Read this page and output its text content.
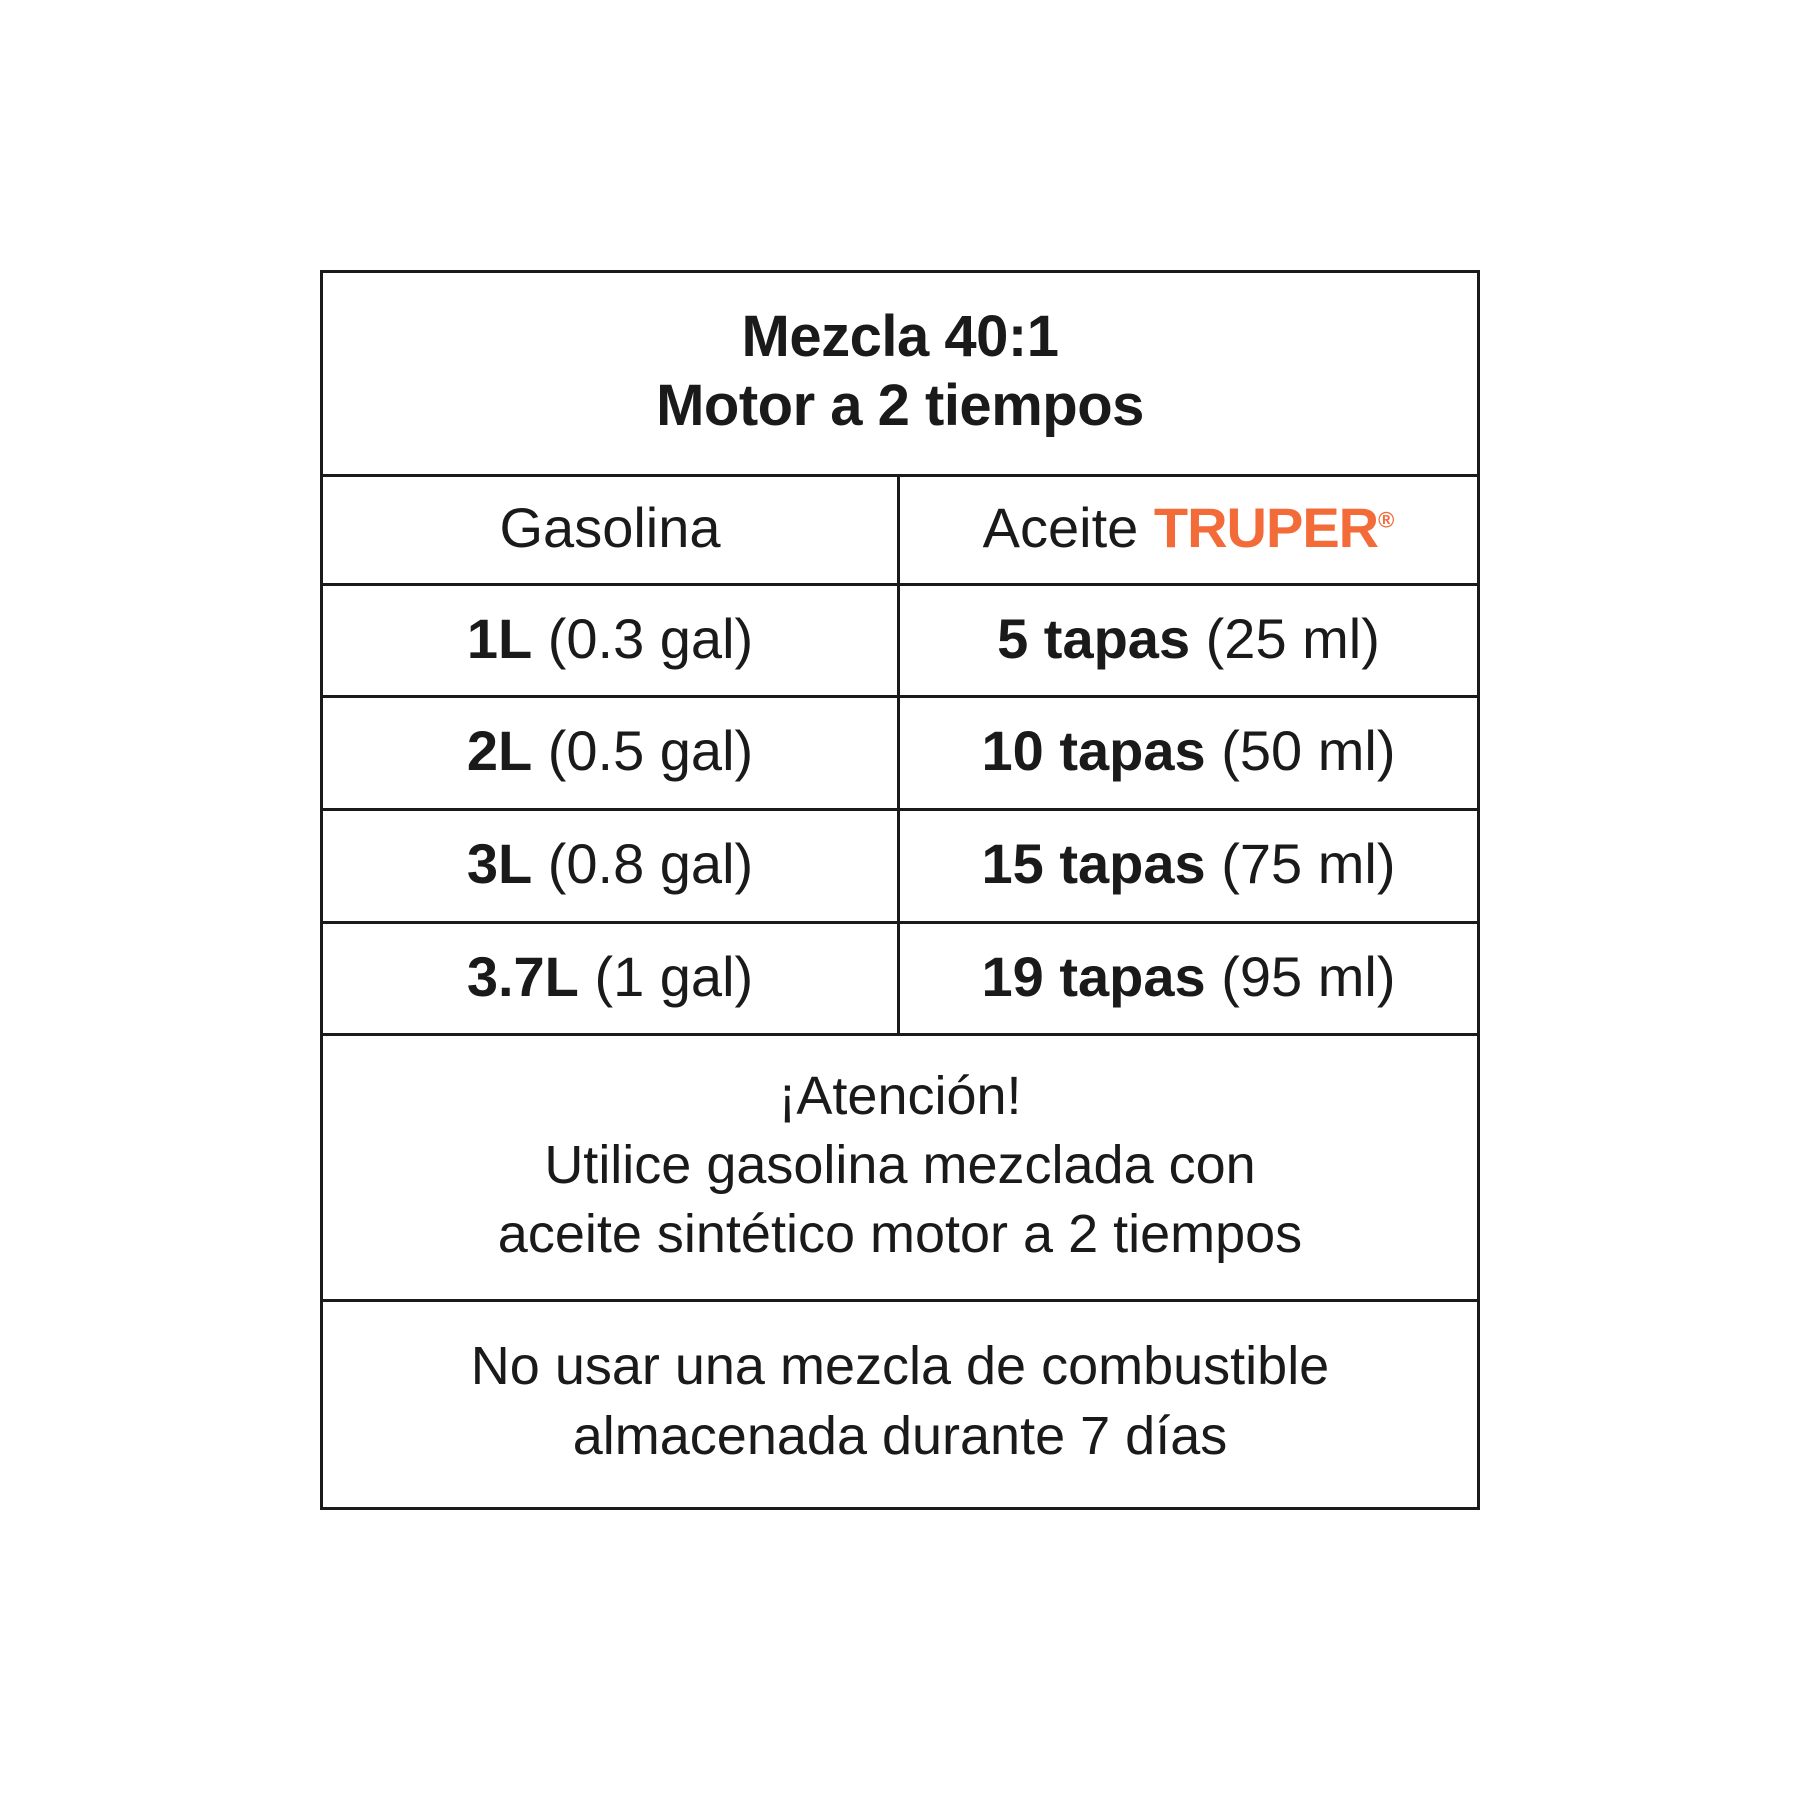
Mezcla 40:1
Motor a 2 tiempos
Gasolina	Aceite TRUPER®
1L (0.3 gal)	5 tapas (25 ml)
2L (0.5 gal)	10 tapas (50 ml)
3L (0.8 gal)	15 tapas (75 ml)
3.7L (1 gal)	19 tapas (95 ml)
¡Atención!
Utilice gasolina mezclada con
aceite sintético motor a 2 tiempos
No usar una mezcla de combustible
almacenada durante 7 días
